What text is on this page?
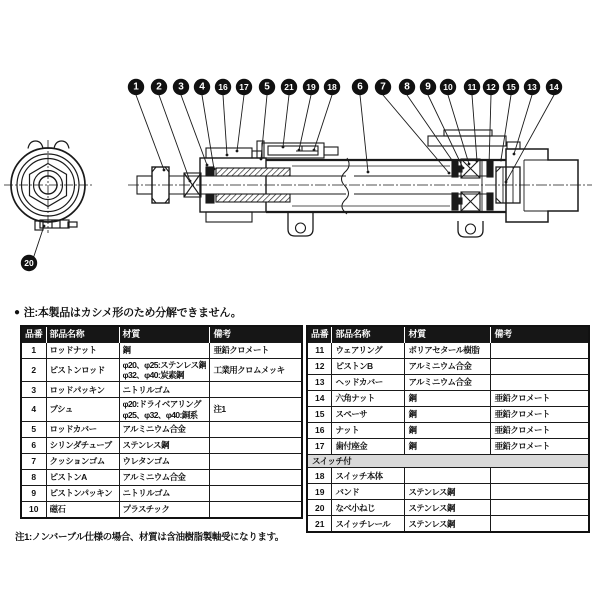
1 2 3 4 16 17 5 21 19 18 6 7 8 9 10 11 12 15 13 14
20
● 注:本製品はカシメ形のため分解できません。
品番	部品名称	材質	備考

1	ロッドナット	鋼	亜鉛クロメート

2	ピストンロッド	φ20、φ25:ステンレス鋼
φ32、φ40:炭素鋼	工業用クロムメッキ

3	ロッドパッキン	ニトリルゴム	

4	ブシュ	φ20:ドライベアリング
φ25、φ32、φ40:銅系	注1

5	ロッドカバー	アルミニウム合金	

6	シリンダチューブ	ステンレス鋼	

7	クッションゴム	ウレタンゴム	

8	ピストンA	アルミニウム合金	

9	ピストンパッキン	ニトリルゴム	

10	磁石	プラスチック	

品番	部品名称	材質	備考

11	ウェアリング	ポリアセタール樹脂	

12	ピストンB	アルミニウム合金	

13	ヘッドカバー	アルミニウム合金	

14	六角ナット	鋼	亜鉛クロメート

15	スペーサ	鋼	亜鉛クロメート

16	ナット	鋼	亜鉛クロメート

17	歯付座金	鋼	亜鉛クロメート

スイッチ付			

18	スイッチ本体		

19	バンド	ステンレス鋼	

20	なべ小ねじ	ステンレス鋼	

21	スイッチレール	ステンレス鋼	

注1:ノンバーブル仕様の場合、材質は含油樹脂製軸受になります。
